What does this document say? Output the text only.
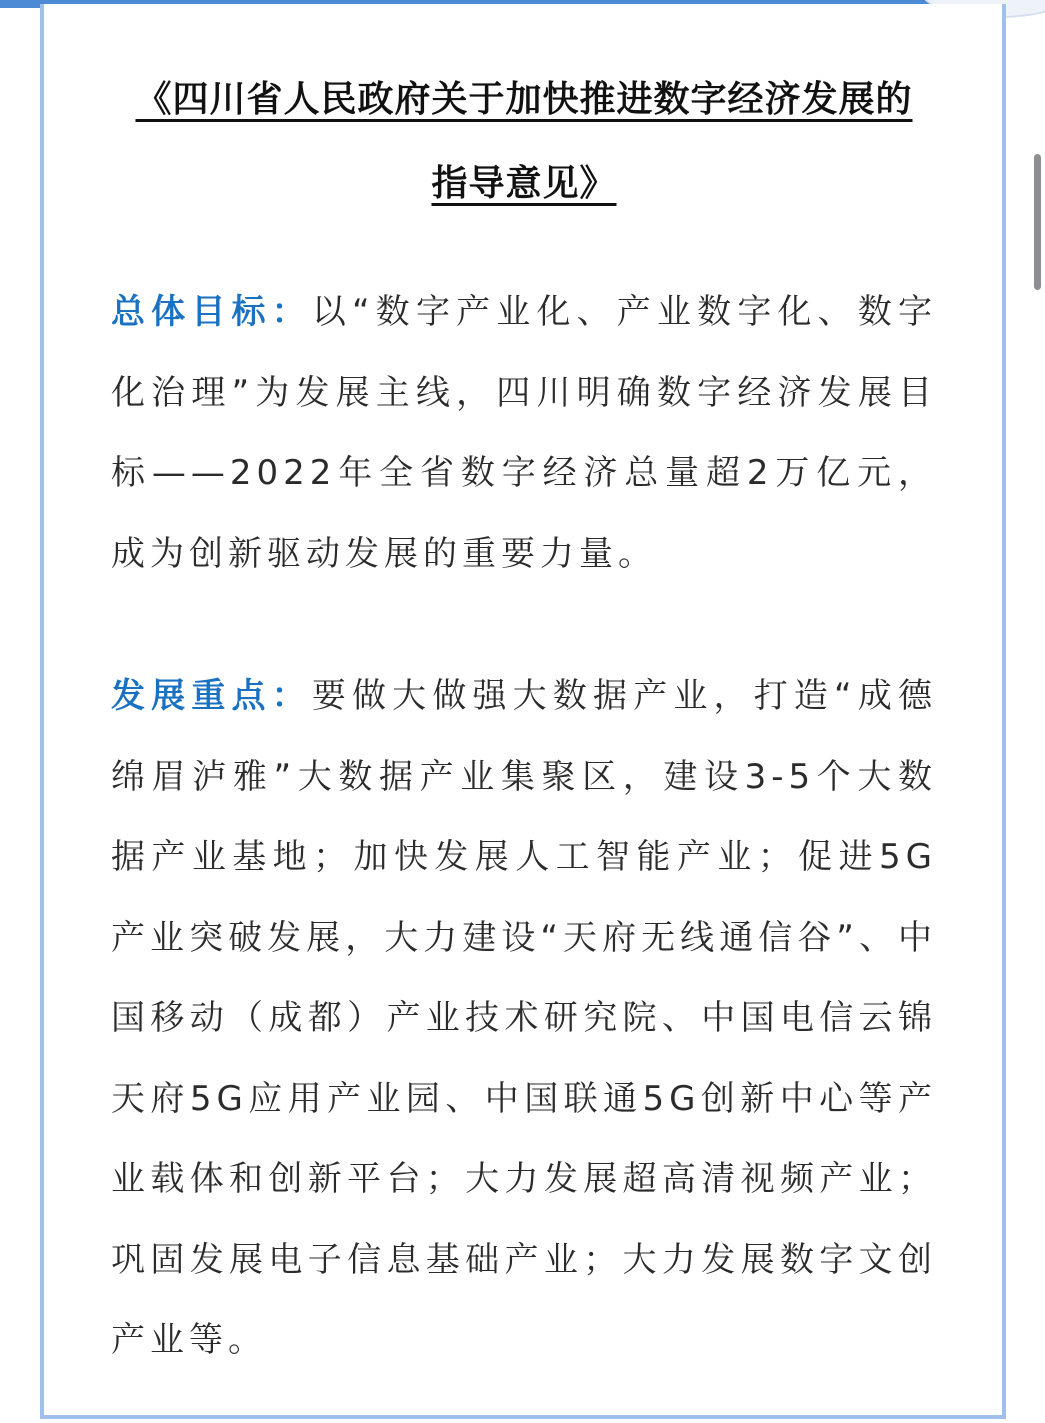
《四川省人民政府关于加快推进数字经济发展的
指导意见》

总体目标：以“数字产业化、产业数字化、数字化治理”为发展主线，四川明确数字经济发展目标——2022年全省数字经济总量超2万亿元，成为创新驱动发展的重要力量。

发展重点：要做大做强大数据产业，打造“成德绵眉泸雅”大数据产业集聚区，建设3-5个大数据产业基地；加快发展人工智能产业；促进5G产业突破发展，大力建设“天府无线通信谷”、中国移动（成都）产业技术研究院、中国电信云锦天府5G应用产业园、中国联通5G创新中心等产业载体和创新平台；大力发展超高清视频产业；巩固发展电子信息基础产业；大力发展数字文创产业等。
